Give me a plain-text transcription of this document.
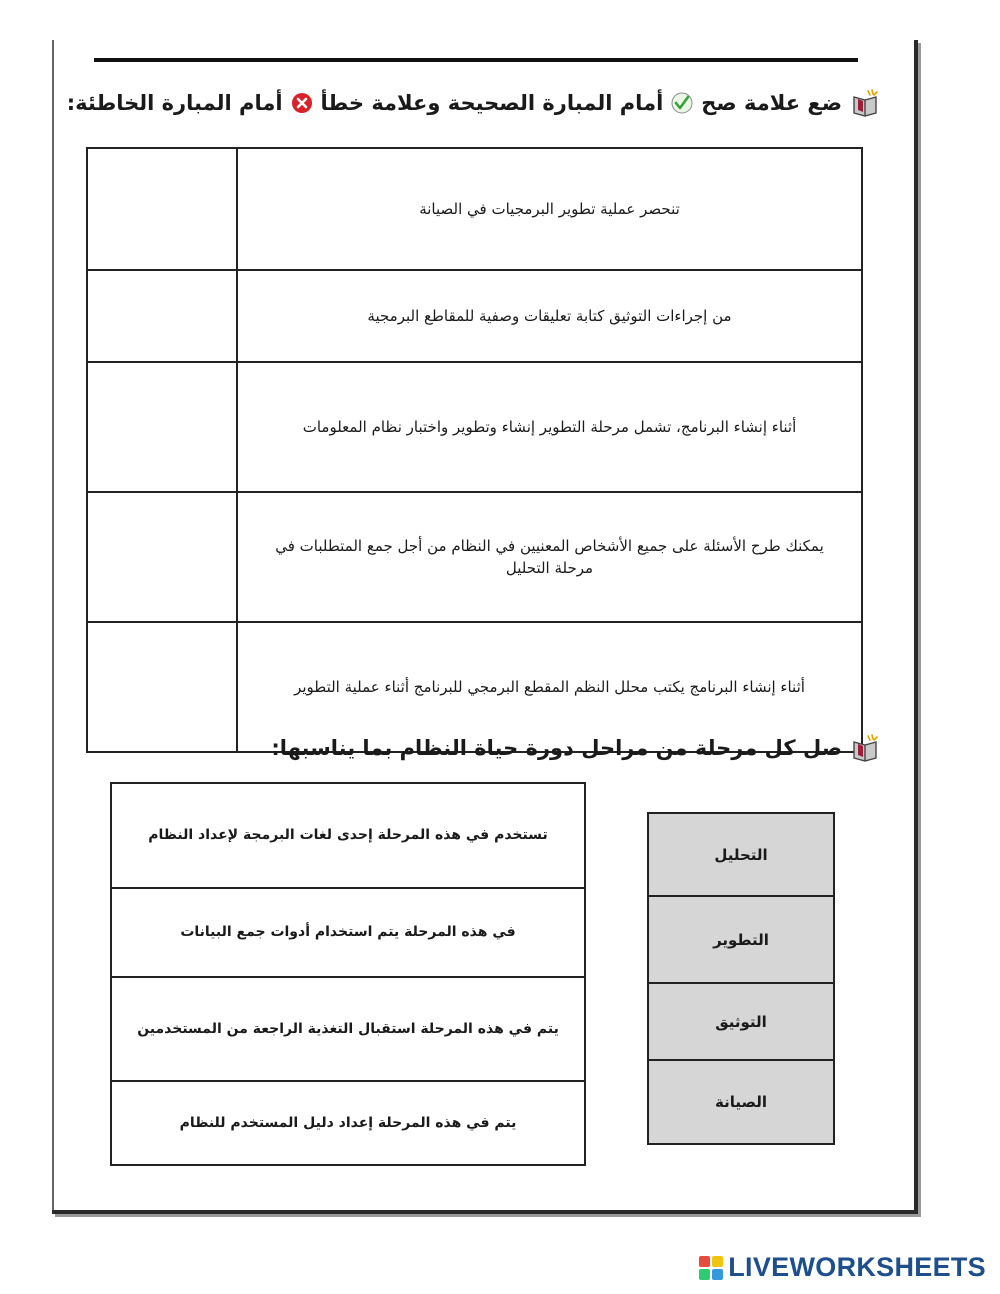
ضع علامة صح
أمام المبارة الصحيحة وعلامة خطأ
أمام المبارة الخاطئة:
تنحصر عملية تطوير البرمجيات في الصيانة	
من إجراءات التوثيق كتابة تعليقات وصفية للمقاطع البرمجية	
أثناء إنشاء البرنامج، تشمل مرحلة التطوير إنشاء وتطوير واختبار نظام المعلومات	
يمكنك طرح الأسئلة على جميع الأشخاص المعنيين في النظام من أجل جمع المتطلبات في مرحلة التحليل	
أثناء إنشاء البرنامج يكتب محلل النظم المقطع البرمجي للبرنامج أثناء عملية التطوير	
صل كل مرحلة من مراحل دورة حياة النظام بما يناسبها:
تستخدم في هذه المرحلة إحدى لغات البرمجة لإعداد النظام
في هذه المرحلة يتم استخدام أدوات جمع البيانات
يتم في هذه المرحلة استقبال التغذية الراجعة من المستخدمين
يتم في هذه المرحلة إعداد دليل المستخدم للنظام
التحليل
التطوير
التوثيق
الصيانة
LIVEWORKSHEETS
